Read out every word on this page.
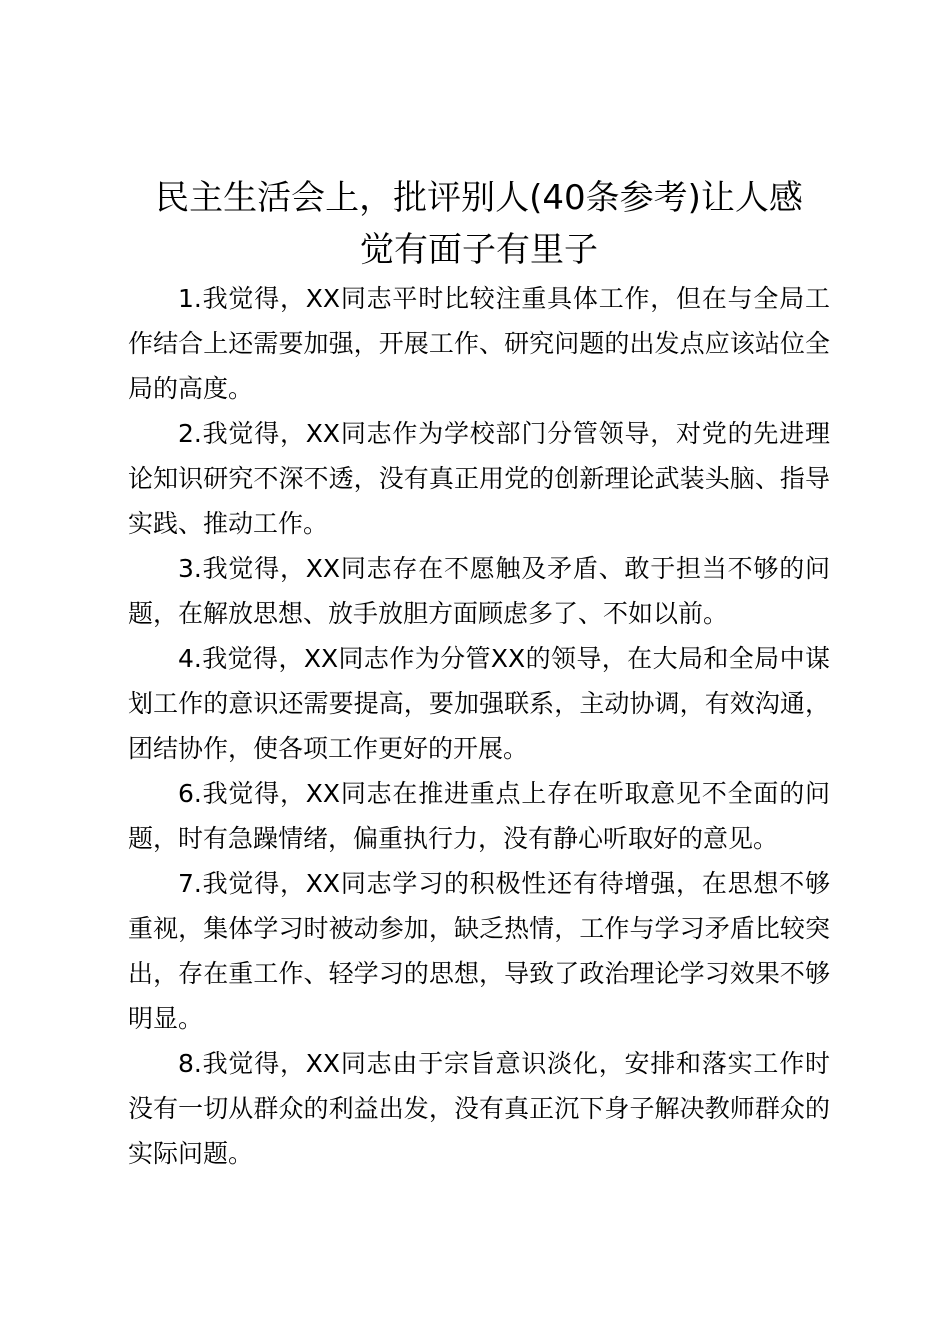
民主生活会上，批评别人(40条参考)让人感
觉有面子有里子

1.我觉得，XX同志平时比较注重具体工作，但在与全局工作结合上还需要加强，开展工作、研究问题的出发点应该站位全局的高度。

2.我觉得，XX同志作为学校部门分管领导，对党的先进理论知识研究不深不透，没有真正用党的创新理论武装头脑、指导实践、推动工作。

3.我觉得，XX同志存在不愿触及矛盾、敢于担当不够的问题，在解放思想、放手放胆方面顾虑多了、不如以前。

4.我觉得，XX同志作为分管XX的领导，在大局和全局中谋划工作的意识还需要提高，要加强联系，主动协调，有效沟通，团结协作，使各项工作更好的开展。

6.我觉得，XX同志在推进重点上存在听取意见不全面的问题，时有急躁情绪，偏重执行力，没有静心听取好的意见。

7.我觉得，XX同志学习的积极性还有待增强，在思想不够重视，集体学习时被动参加，缺乏热情，工作与学习矛盾比较突出，存在重工作、轻学习的思想，导致了政治理论学习效果不够明显。

8.我觉得，XX同志由于宗旨意识淡化，安排和落实工作时没有一切从群众的利益出发，没有真正沉下身子解决教师群众的实际问题。
